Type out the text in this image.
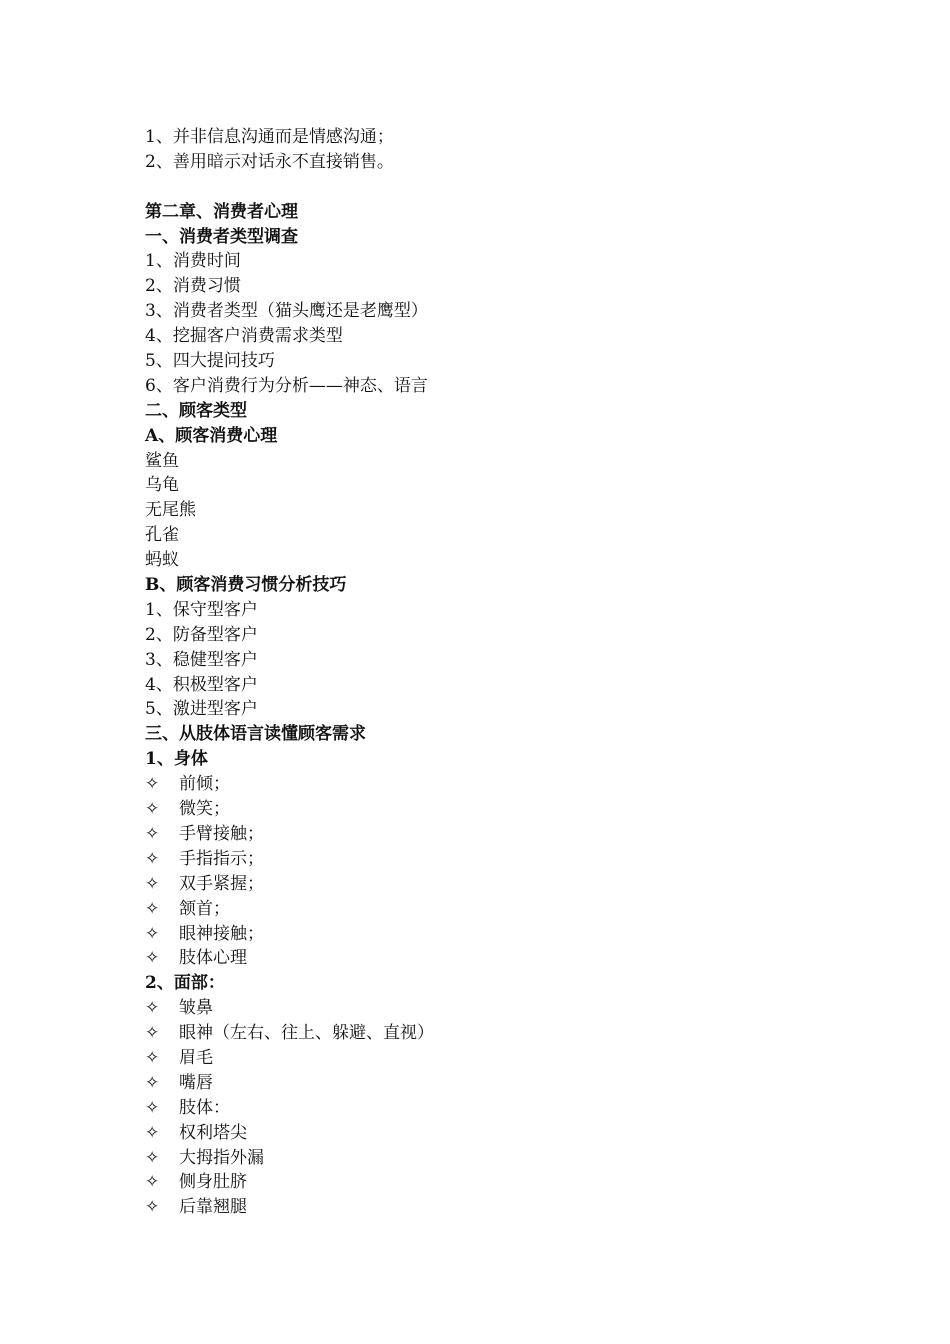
1、并非信息沟通而是情感沟通；
2、善用暗示对话永不直接销售。
第二章、消费者心理
一、消费者类型调查
1、消费时间
2、消费习惯
3、消费者类型（猫头鹰还是老鹰型）
4、挖掘客户消费需求类型
5、四大提问技巧
6、客户消费行为分析——神态、语言
二、顾客类型
A、顾客消费心理
鲨鱼
乌龟
无尾熊
孔雀
蚂蚁
B、顾客消费习惯分析技巧
1、保守型客户
2、防备型客户
3、稳健型客户
4、积极型客户
5、激进型客户
三、从肢体语言读懂顾客需求
1、身体
✧	前倾；
✧	微笑；
✧	手臂接触；
✧	手指指示；
✧	双手紧握；
✧	颔首；
✧	眼神接触；
✧	肢体心理
2、面部：
✧	皱鼻
✧	眼神（左右、往上、躲避、直视）
✧	眉毛
✧	嘴唇
✧	肢体：
✧	权利塔尖
✧	大拇指外漏
✧	侧身肚脐
✧	后靠翘腿
